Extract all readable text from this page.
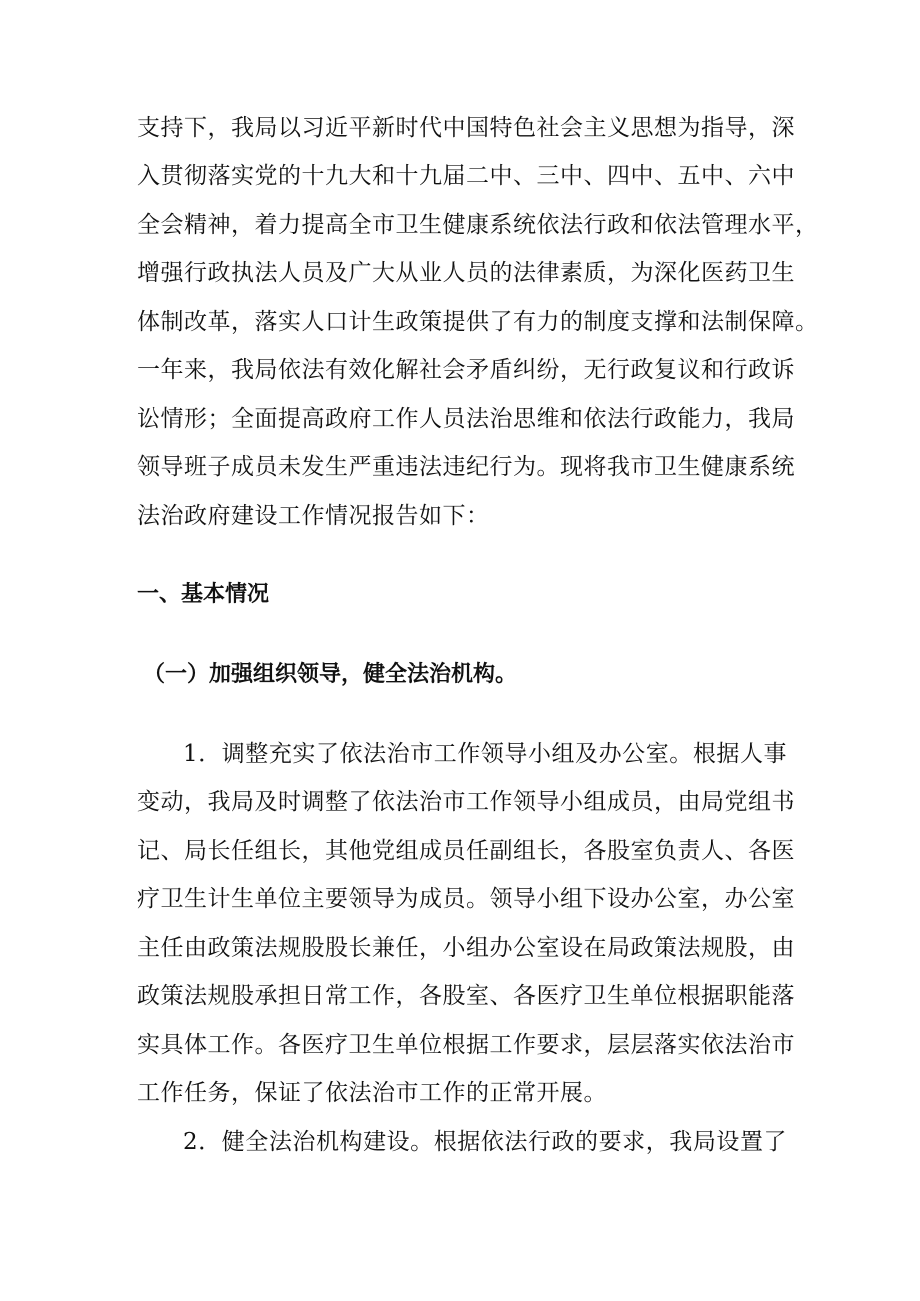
支持下，我局以习近平新时代中国特色社会主义思想为指导，深
入贯彻落实党的十九大和十九届二中、三中、四中、五中、六中
全会精神，着力提高全市卫生健康系统依法行政和依法管理水平，
增强行政执法人员及广大从业人员的法律素质，为深化医药卫生
体制改革，落实人口计生政策提供了有力的制度支撑和法制保障。
一年来，我局依法有效化解社会矛盾纠纷，无行政复议和行政诉
讼情形；全面提高政府工作人员法治思维和依法行政能力，我局
领导班子成员未发生严重违法违纪行为。现将我市卫生健康系统
法治政府建设工作情况报告如下：
一、基本情况
（一）加强组织领导，健全法治机构。
1．调整充实了依法治市工作领导小组及办公室。根据人事
变动，我局及时调整了依法治市工作领导小组成员，由局党组书
记、局长任组长，其他党组成员任副组长，各股室负责人、各医
疗卫生计生单位主要领导为成员。领导小组下设办公室，办公室
主任由政策法规股股长兼任，小组办公室设在局政策法规股，由
政策法规股承担日常工作，各股室、各医疗卫生单位根据职能落
实具体工作。各医疗卫生单位根据工作要求，层层落实依法治市
工作任务，保证了依法治市工作的正常开展。
2．健全法治机构建设。根据依法行政的要求，我局设置了
